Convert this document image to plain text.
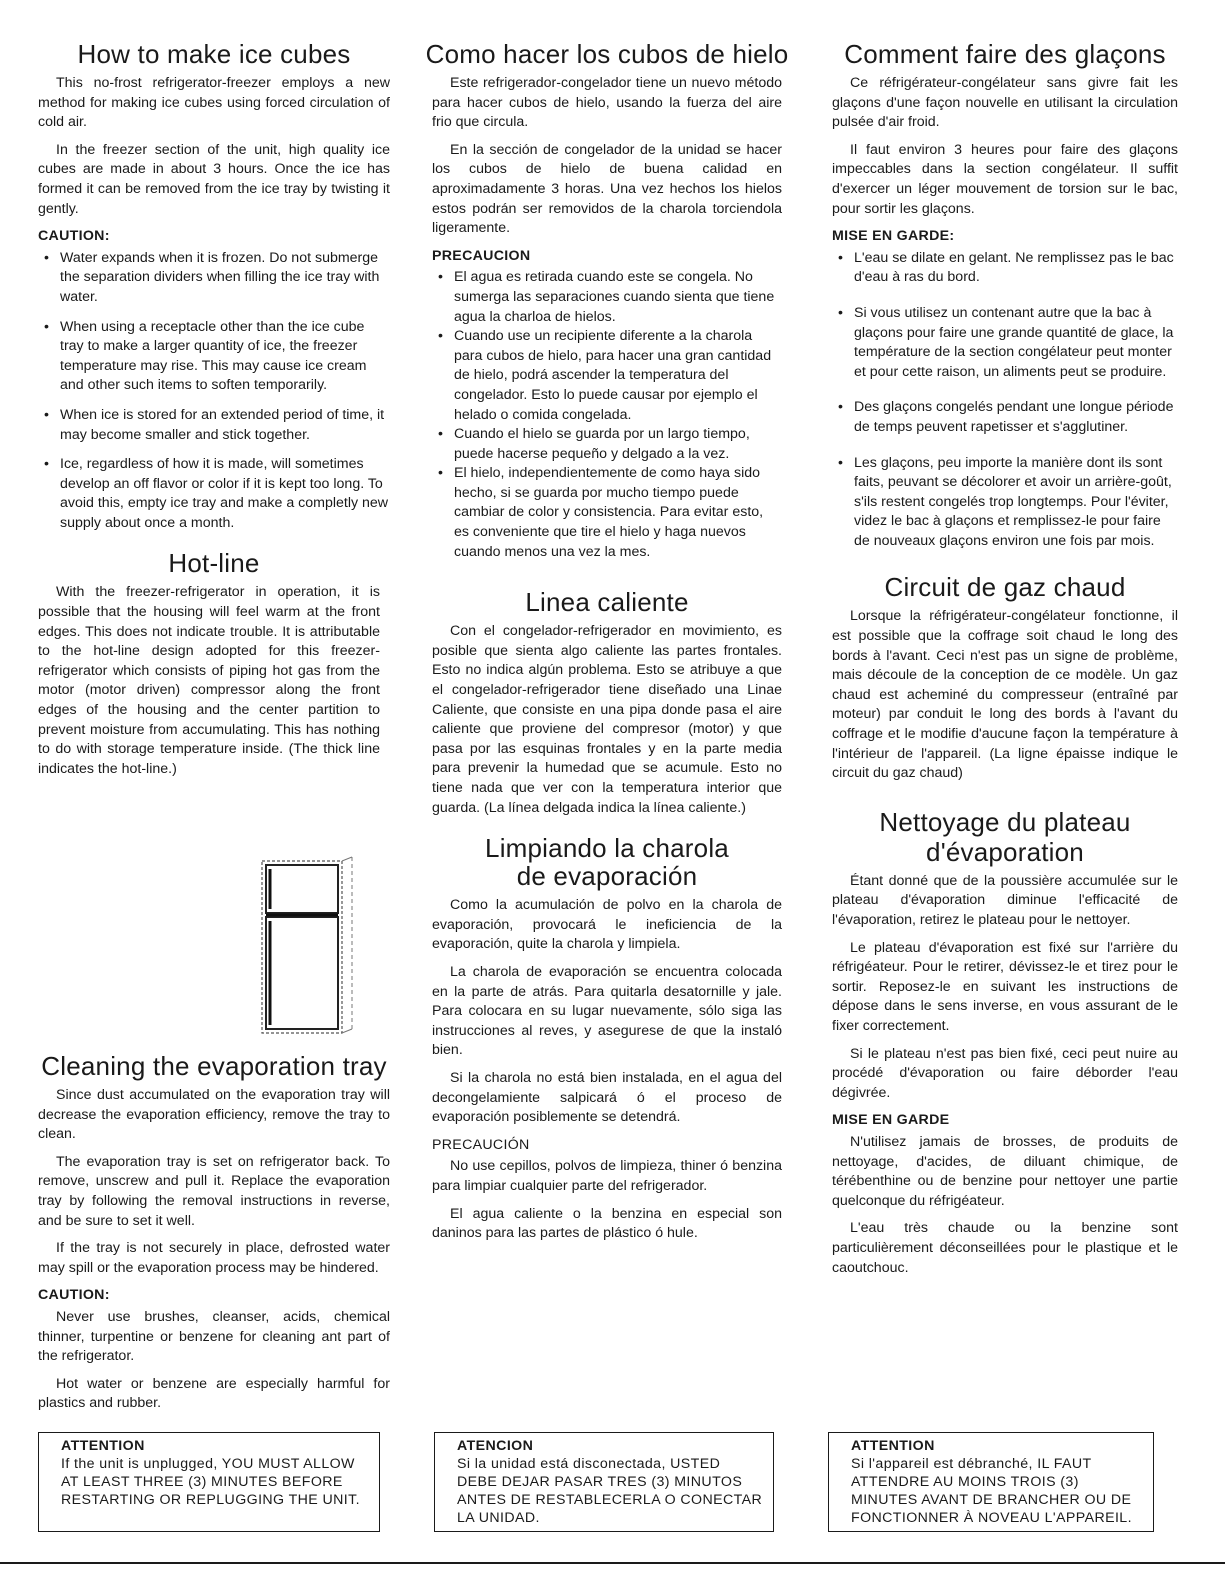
How to make ice cubes

This no-frost refrigerator-freezer employs a new method for making ice cubes using forced circulation of cold air.

In the freezer section of the unit, high quality ice cubes are made in about 3 hours. Once the ice has formed it can be removed from the ice tray by twisting it gently.

CAUTION:
• Water expands when it is frozen. Do not submerge the separation dividers when filling the ice tray with water.
• When using a receptacle other than the ice cube tray to make a larger quantity of ice, the freezer temperature may rise. This may cause ice cream and other such items to soften temporarily.
• When ice is stored for an extended period of time, it may become smaller and stick together.
• Ice, regardless of how it is made, will sometimes develop an off flavor or color if it is kept too long. To avoid this, empty ice tray and make a completly new supply about once a month.
Hot-line

With the freezer-refrigerator in operation, it is possible that the housing will feel warm at the front edges. This does not indicate trouble. It is attributable to the hot-line design adopted for this freezer-refrigerator which consists of piping hot gas from the motor (motor driven) compressor along the front edges of the housing and the center partition to prevent moisture from accumulating. This has nothing to do with storage temperature inside. (The thick line indicates the hot-line.)

Cleaning the evaporation tray

Since dust accumulated on the evaporation tray will decrease the evaporation efficiency, remove the tray to clean.

The evaporation tray is set on refrigerator back. To remove, unscrew and pull it. Replace the evaporation tray by following the removal instructions in reverse, and be sure to set it well.

If the tray is not securely in place, defrosted water may spill or the evaporation process may be hindered.

CAUTION:

Never use brushes, cleanser, acids, chemical thinner, turpentine or benzene for cleaning ant part of the refrigerator.

Hot water or benzene are especially harmful for plastics and rubber.

ATTENTION
If the unit is unplugged, YOU MUST ALLOW AT LEAST THREE (3) MINUTES BEFORE RESTARTING OR REPLUGGING THE UNIT.
Como hacer los cubos de hielo

Este refrigerador-congelador tiene un nuevo método para hacer cubos de hielo, usando la fuerza del aire frio que circula.

En la sección de congelador de la unidad se hacer los cubos de hielo de buena calidad en aproximadamente 3 horas. Una vez hechos los hielos estos podrán ser removidos de la charola torciendola ligeramente.

PRECAUCION
• El agua es retirada cuando este se congela. No sumerga las separaciones cuando sienta que tiene agua la charloa de hielos.
• Cuando use un recipiente diferente a la charola para cubos de hielo, para hacer una gran cantidad de hielo, podrá ascender la temperatura del congelador. Esto lo puede causar por ejemplo el helado o comida congelada.
• Cuando el hielo se guarda por un largo tiempo, puede hacerse pequeño y delgado a la vez.
• El hielo, independientemente de como haya sido hecho, si se guarda por mucho tiempo puede cambiar de color y consistencia. Para evitar esto, es conveniente que tire el hielo y haga nuevos cuando menos una vez la mes.
Linea caliente

Con el congelador-refrigerador en movimiento, es posible que sienta algo caliente las partes frontales. Esto no indica algún problema. Esto se atribuye a que el congelador-refrigerador tiene diseñado una Linae Caliente, que consiste en una pipa donde pasa el aire caliente que proviene del compresor (motor) y que pasa por las esquinas frontales y en la parte media para prevenir la humedad que se acumule. Esto no tiene nada que ver con la temperatura interior que guarda. (La línea delgada indica la línea caliente.)

Limpiando la charola
de evaporación

Como la acumulación de polvo en la charola de evaporación, provocará le ineficiencia de la evaporación, quite la charola y limpiela.

La charola de evaporación se encuentra colocada en la parte de atrás. Para quitarla desatornille y jale. Para colocara en su lugar nuevamente, sólo siga las instrucciones al reves, y asegurese de que la instaló bien.

Si la charola no está bien instalada, en el agua del decongelamiente salpicará ó el proceso de evaporación posiblemente se detendrá.

PRECAUCIÓN

No use cepillos, polvos de limpieza, thiner ó benzina para limpiar cualquier parte del refrigerador.

El agua caliente o la benzina en especial son daninos para las partes de plástico ó hule.

ATENCION
Si la unidad está disconectada, USTED DEBE DEJAR PASAR TRES (3) MINUTOS ANTES DE RESTABLECERLA O CONECTAR LA UNIDAD.
Comment faire des glaçons

Ce réfrigérateur-congélateur sans givre fait les glaçons d'une façon nouvelle en utilisant la circulation pulsée d'air froid.

Il faut environ 3 heures pour faire des glaçons impeccables dans la section congélateur. Il suffit d'exercer un léger mouvement de torsion sur le bac, pour sortir les glaçons.

MISE EN GARDE:
• L'eau se dilate en gelant. Ne remplissez pas le bac d'eau à ras du bord.
• Si vous utilisez un contenant autre que la bac à glaçons pour faire une grande quantité de glace, la température de la section congélateur peut monter et pour cette raison, un aliments peut se produire.
• Des glaçons congelés pendant une longue période de temps peuvent rapetisser et s'agglutiner.
• Les glaçons, peu importe la manière dont ils sont faits, peuvant se décolorer et avoir un arrière-goût, s'ils restent congelés trop longtemps. Pour l'éviter, videz le bac à glaçons et remplissez-le pour faire de nouveaux glaçons environ une fois par mois.
Circuit de gaz chaud

Lorsque la réfrigérateur-congélateur fonctionne, il est possible que la coffrage soit chaud le long des bords à l'avant. Ceci n'est pas un signe de problème, mais découle de la conception de ce modèle. Un gaz chaud est acheminé du compresseur (entraîné par moteur) par conduit le long des bords à l'avant du coffrage et le modifie d'aucune façon la température à l'intérieur de l'appareil. (La ligne épaisse indique le circuit du gaz chaud)

Nettoyage du plateau
d'évaporation

Étant donné que de la poussière accumulée sur le plateau d'évaporation diminue l'efficacité de l'évaporation, retirez le plateau pour le nettoyer.

Le plateau d'évaporation est fixé sur l'arrière du réfrigéateur. Pour le retirer, dévissez-le et tirez pour le sortir. Reposez-le en suivant les instructions de dépose dans le sens inverse, en vous assurant de le fixer correctement.

Si le plateau n'est pas bien fixé, ceci peut nuire au procédé d'évaporation ou faire déborder l'eau dégivrée.

MISE EN GARDE

N'utilisez jamais de brosses, de produits de nettoyage, d'acides, de diluant chimique, de térébenthine ou de benzine pour nettoyer une partie quelconque du réfrigéateur.

L'eau très chaude ou la benzine sont particulièrement déconseillées pour le plastique et le caoutchouc.

ATTENTION
Si l'appareil est débranché, IL FAUT ATTENDRE AU MOINS TROIS (3) MINUTES AVANT DE BRANCHER OU DE FONCTIONNER À NOVEAU L'APPAREIL.
